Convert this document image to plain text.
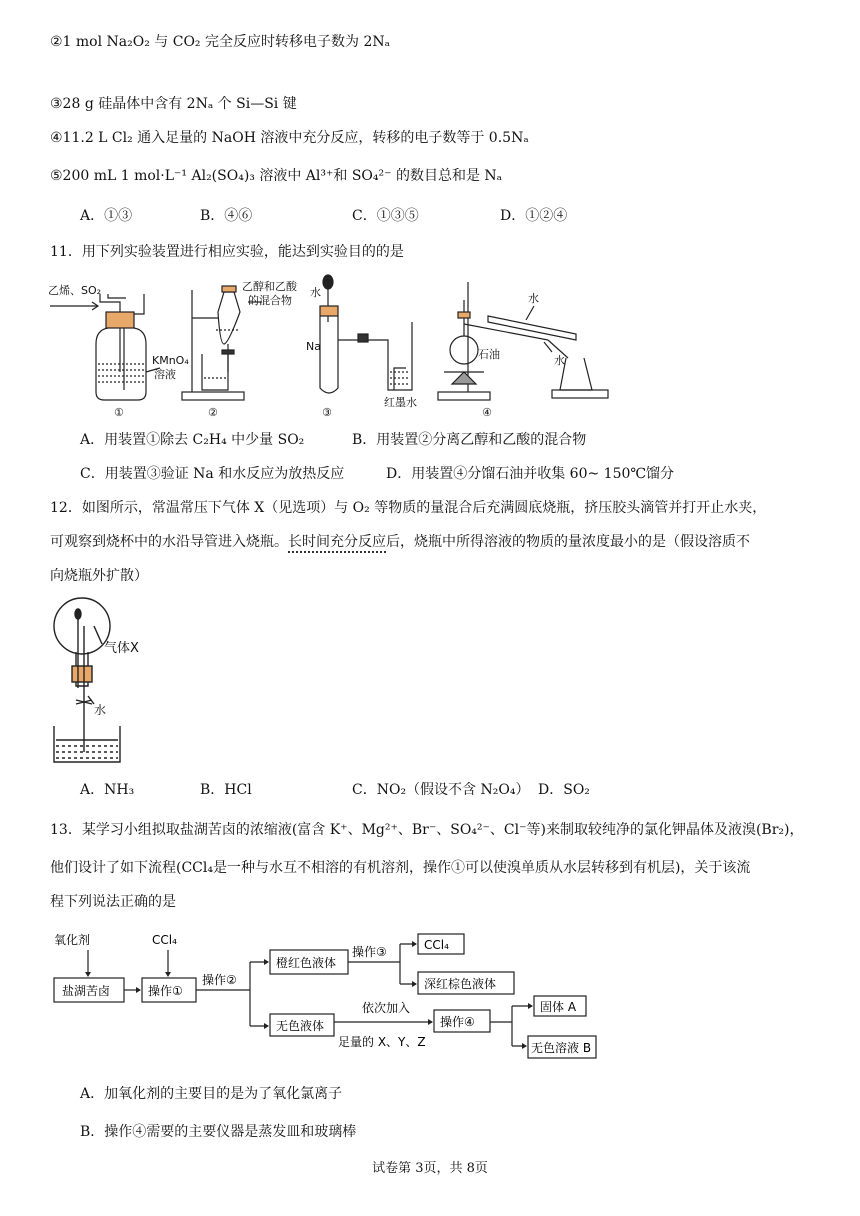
②1 mol Na₂O₂ 与 CO₂ 完全反应时转移电子数为 2Nₐ
③28 g 硅晶体中含有 2Nₐ 个 Si—Si 键
④11.2 L Cl₂ 通入足量的 NaOH 溶液中充分反应，转移的电子数等于 0.5Nₐ
⑤200 mL 1 mol·L⁻¹ Al₂(SO₄)₃ 溶液中 Al³⁺和 SO₄²⁻ 的数目总和是 Nₐ
A．①③	B．④⑥	C．①③⑤	D．①②④
11．用下列实验装置进行相应实验，能达到实验目的的是
乙烯、SO₂
KMnO₄
溶液
乙醇和乙酸
的混合物
水
Na
红墨水
水
石油	水
①	②	③	④
A．用装置①除去 C₂H₄ 中少量 SO₂	B．用装置②分离乙醇和乙酸的混合物
C．用装置③验证 Na 和水反应为放热反应	D．用装置④分馏石油并收集 60~ 150℃馏分
12．如图所示，常温常压下气体 X（见选项）与 O₂ 等物质的量混合后充满圆底烧瓶，挤压胶头滴管并打开止水夹，
可观察到烧杯中的水沿导管进入烧瓶。长时间充分反应后，烧瓶中所得溶液的物质的量浓度最小的是（假设溶质不
向烧瓶外扩散）
气体X
水
A．NH₃	B．HCl	C．NO₂（假设不含 N₂O₄） D．SO₂
13．某学习小组拟取盐湖苦卤的浓缩液(富含 K⁺、Mg²⁺、Br⁻、SO₄²⁻、Cl⁻等)来制取较纯净的氯化钾晶体及液溴(Br₂)，
他们设计了如下流程(CCl₄是一种与水互不相溶的有机溶剂，操作①可以使溴单质从水层转移到有机层)，关于该流
程下列说法正确的是
氧化剂	CCl₄
盐湖苦卤	操作①
操作②
橙红色液体
操作③	CCl₄
深红棕色液体
无色液体
依次加入
足量的 X、Y、Z
操作④
固体 A
无色溶液 B
A．加氧化剂的主要目的是为了氧化氯离子
B．操作④需要的主要仪器是蒸发皿和玻璃棒
试卷第 3页，共 8页
